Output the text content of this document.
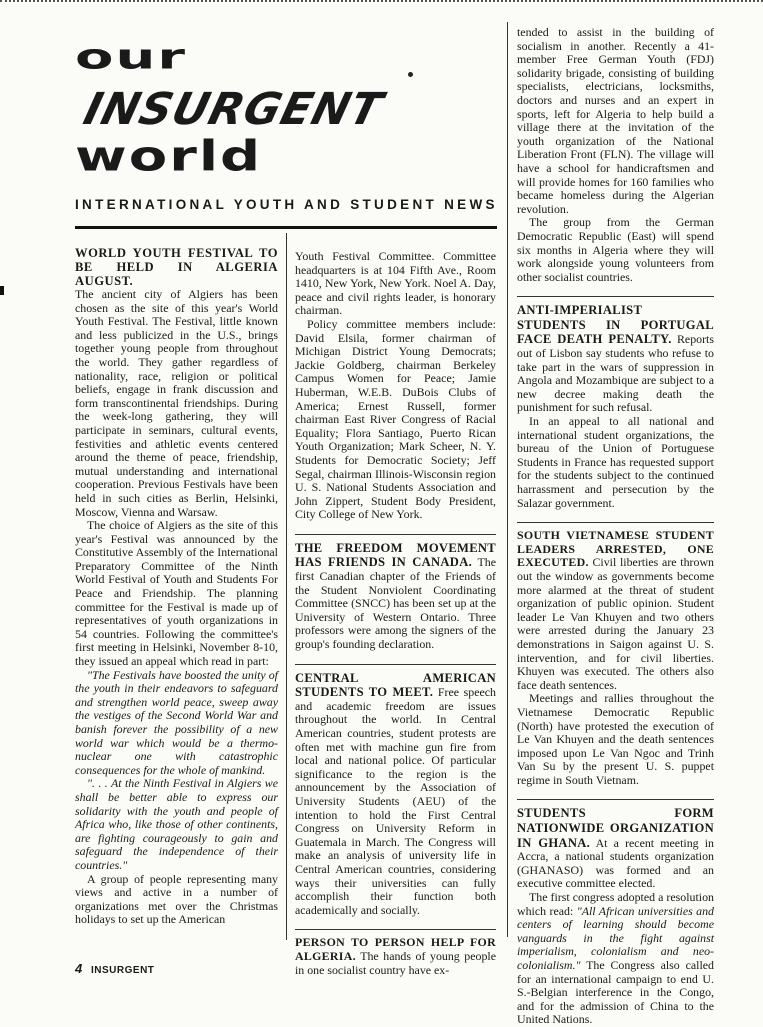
our
INSURGENT
world
INTERNATIONAL YOUTH AND STUDENT NEWS
WORLD YOUTH FESTIVAL TO BE HELD IN ALGERIA AUGUST.

The ancient city of Algiers has been chosen as the site of this year's World Youth Festival. The Festival, little known and less publicized in the U.S., brings together young people from throughout the world. They gather regardless of nationality, race, religion or political beliefs, engage in frank discussion and form transcontinental friendships. During the week-long gathering, they will participate in seminars, cultural events, festivities and athletic events centered around the theme of peace, friendship, mutual understanding and international cooperation. Previous Festivals have been held in such cities as Berlin, Helsinki, Moscow, Vienna and Warsaw.

The choice of Algiers as the site of this year's Festival was announced by the Constitutive Assembly of the International Preparatory Committee of the Ninth World Festival of Youth and Students For Peace and Friendship. The planning committee for the Festival is made up of representatives of youth organizations in 54 countries. Following the committee's first meeting in Helsinki, November 8-10, they issued an appeal which read in part:

"The Festivals have boosted the unity of the youth in their endeavors to safeguard and strengthen world peace, sweep away the vestiges of the Second World War and banish forever the possibility of a new world war which would be a thermo-nuclear one with catastrophic consequences for the whole of mankind.

". . . At the Ninth Festival in Algiers we shall be better able to express our solidarity with the youth and people of Africa who, like those of other continents, are fighting courageously to gain and safeguard the independence of their countries."

A group of people representing many views and active in a number of organizations met over the Christmas holidays to set up the American

Youth Festival Committee. Committee headquarters is at 104 Fifth Ave., Room 1410, New York, New York. Noel A. Day, peace and civil rights leader, is honorary chairman.

Policy committee members include: David Elsila, former chairman of Michigan District Young Democrats; Jackie Goldberg, chairman Berkeley Campus Women for Peace; Jamie Huberman, W.E.B. DuBois Clubs of America; Ernest Russell, former chairman East River Congress of Racial Equality; Flora Santiago, Puerto Rican Youth Organization; Mark Scheer, N. Y. Students for Democratic Society; Jeff Segal, chairman Illinois-Wisconsin region U. S. National Students Association and John Zippert, Student Body President, City College of New York.

THE FREEDOM MOVEMENT HAS FRIENDS IN CANADA. The first Canadian chapter of the Friends of the Student Nonviolent Coordinating Committee (SNCC) has been set up at the University of Western Ontario. Three professors were among the signers of the group's founding declaration.

CENTRAL AMERICAN STUDENTS TO MEET. Free speech and academic freedom are issues throughout the world. In Central American countries, student protests are often met with machine gun fire from local and national police. Of particular significance to the region is the announcement by the Association of University Students (AEU) of the intention to hold the First Central Congress on University Reform in Guatemala in March. The Congress will make an analysis of university life in Central American countries, considering ways their universities can fully accomplish their function both academically and socially.

PERSON TO PERSON HELP FOR ALGERIA. The hands of young people in one socialist country have ex-

tended to assist in the building of socialism in another. Recently a 41-member Free German Youth (FDJ) solidarity brigade, consisting of building specialists, electricians, locksmiths, doctors and nurses and an expert in sports, left for Algeria to help build a village there at the invitation of the youth organization of the National Liberation Front (FLN). The village will have a school for handicraftsmen and will provide homes for 160 families who became homeless during the Algerian revolution.

The group from the German Democratic Republic (East) will spend six months in Algeria where they will work alongside young volunteers from other socialist countries.

ANTI-IMPERIALIST STUDENTS IN PORTUGAL FACE DEATH PENALTY. Reports out of Lisbon say students who refuse to take part in the wars of suppression in Angola and Mozambique are subject to a new decree making death the punishment for such refusal.

In an appeal to all national and international student organizations, the bureau of the Union of Portuguese Students in France has requested support for the students subject to the continued harrassment and persecution by the Salazar government.

SOUTH VIETNAMESE STUDENT LEADERS ARRESTED, ONE EXECUTED. Civil liberties are thrown out the window as governments become more alarmed at the threat of student organization of public opinion. Student leader Le Van Khuyen and two others were arrested during the January 23 demonstrations in Saigon against U. S. intervention, and for civil liberties. Khuyen was executed. The others also face death sentences.

Meetings and rallies throughout the Vietnamese Democratic Republic (North) have protested the execution of Le Van Khuyen and the death sentences imposed upon Le Van Ngoc and Trinh Van Su by the present U. S. puppet regime in South Vietnam.

STUDENTS FORM NATIONWIDE ORGANIZATION IN GHANA. At a recent meeting in Accra, a national students organization (GHANASO) was formed and an executive committee elected.

The first congress adopted a resolution which read: "All African universities and centers of learning should become vanguards in the fight against imperialism, colonialism and neo-colonialism." The Congress also called for an international campaign to end U. S.-Belgian interference in the Congo, and for the admission of China to the United Nations.

4 INSURGENT
